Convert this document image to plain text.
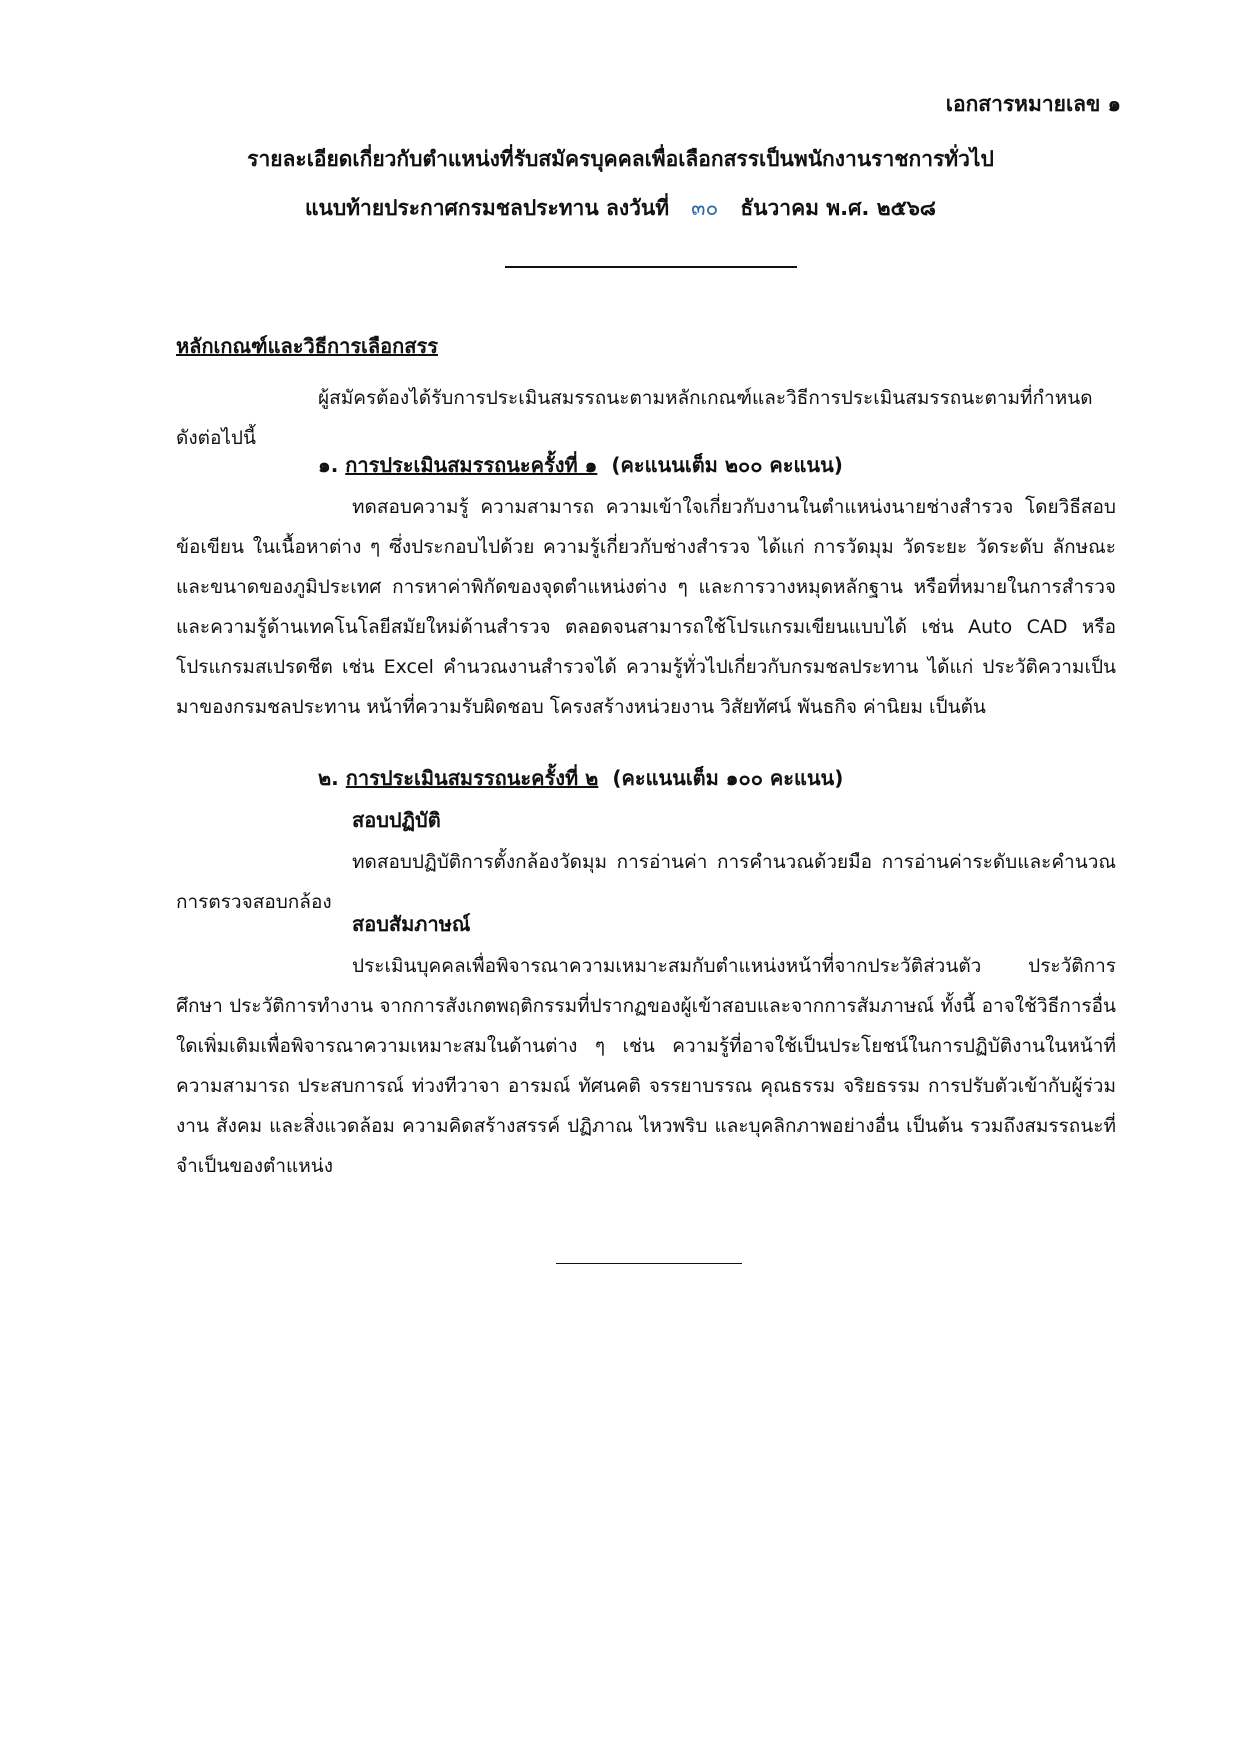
เอกสารหมายเลข ๑
รายละเอียดเกี่ยวกับตำแหน่งที่รับสมัครบุคคลเพื่อเลือกสรรเป็นพนักงานราชการทั่วไป
แนบท้ายประกาศกรมชลประทาน ลงวันที่ ๓๐ ธันวาคม พ.ศ. ๒๕๖๘
หลักเกณฑ์และวิธีการเลือกสรร
ผู้สมัครต้องได้รับการประเมินสมรรถนะตามหลักเกณฑ์และวิธีการประเมินสมรรถนะตามที่กำหนด ดังต่อไปนี้
๑. การประเมินสมรรถนะครั้งที่ ๑ (คะแนนเต็ม ๒๐๐ คะแนน)
ทดสอบความรู้ ความสามารถ ความเข้าใจเกี่ยวกับงานในตำแหน่งนายช่างสำรวจ โดยวิธีสอบข้อเขียน ในเนื้อหาต่าง ๆ ซึ่งประกอบไปด้วย ความรู้เกี่ยวกับช่างสำรวจ ได้แก่ การวัดมุม วัดระยะ วัดระดับ ลักษณะและขนาดของภูมิประเทศ การหาค่าพิกัดของจุดตำแหน่งต่าง ๆ และการวางหมุดหลักฐาน หรือที่หมายในการสำรวจ และความรู้ด้านเทคโนโลยีสมัยใหม่ด้านสำรวจ ตลอดจนสามารถใช้โปรแกรมเขียนแบบได้ เช่น Auto CAD หรือโปรแกรมสเปรดชีต เช่น Excel คำนวณงานสำรวจได้ ความรู้ทั่วไปเกี่ยวกับกรมชลประทาน ได้แก่ ประวัติความเป็นมาของกรมชลประทาน หน้าที่ความรับผิดชอบ โครงสร้างหน่วยงาน วิสัยทัศน์ พันธกิจ ค่านิยม เป็นต้น
๒. การประเมินสมรรถนะครั้งที่ ๒ (คะแนนเต็ม ๑๐๐ คะแนน)
สอบปฏิบัติ
ทดสอบปฏิบัติการตั้งกล้องวัดมุม การอ่านค่า การคำนวณด้วยมือ การอ่านค่าระดับและคำนวณ การตรวจสอบกล้อง
สอบสัมภาษณ์
ประเมินบุคคลเพื่อพิจารณาความเหมาะสมกับตำแหน่งหน้าที่จากประวัติส่วนตัว ประวัติการศึกษา ประวัติการทำงาน จากการสังเกตพฤติกรรมที่ปรากฏของผู้เข้าสอบและจากการสัมภาษณ์ ทั้งนี้ อาจใช้วิธีการอื่นใดเพิ่มเติมเพื่อพิจารณาความเหมาะสมในด้านต่าง ๆ เช่น ความรู้ที่อาจใช้เป็นประโยชน์ในการปฏิบัติงานในหน้าที่ ความสามารถ ประสบการณ์ ท่วงทีวาจา อารมณ์ ทัศนคติ จรรยาบรรณ คุณธรรม จริยธรรม การปรับตัวเข้ากับผู้ร่วมงาน สังคม และสิ่งแวดล้อม ความคิดสร้างสรรค์ ปฏิภาณ ไหวพริบ และบุคลิกภาพอย่างอื่น เป็นต้น รวมถึงสมรรถนะที่จำเป็นของตำแหน่ง
